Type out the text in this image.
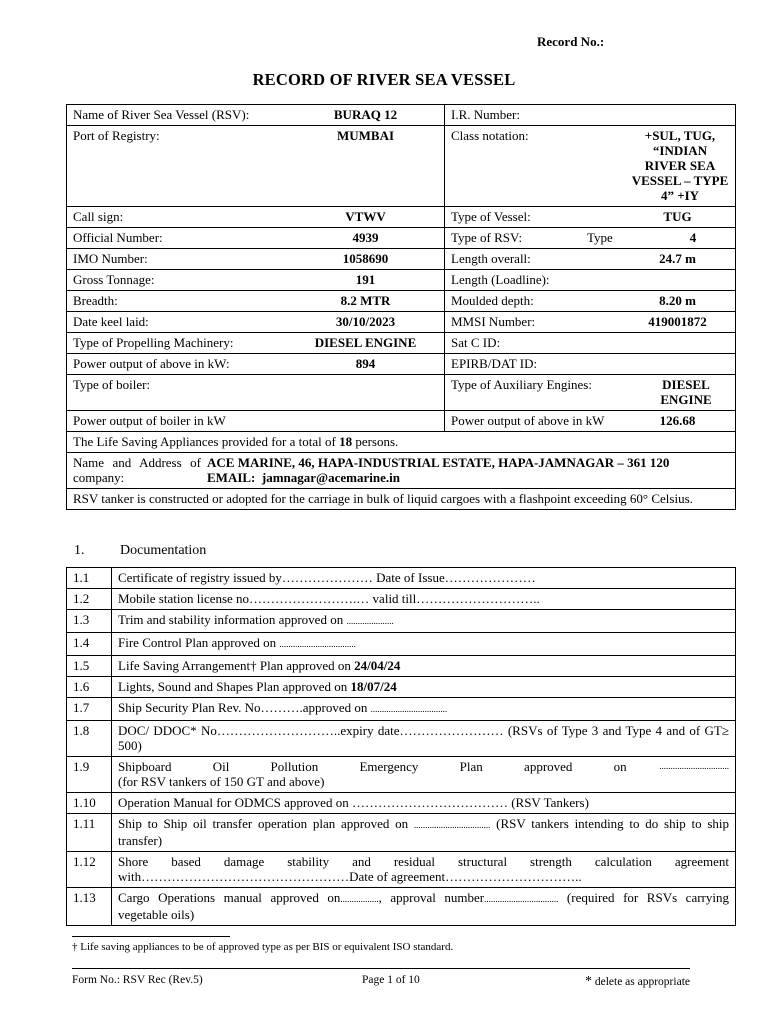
Record No.:
RECORD OF RIVER SEA VESSEL
Name of River Sea Vessel (RSV): BURAQ 12	I.R. Number:

Port of Registry: MUMBAI	Class notation: +SUL, TUG, “INDIAN RIVER SEA VESSEL – TYPE 4” +IY

Call sign: VTWV	Type of Vessel: TUG

Official Number: 4939	Type of RSV: Type 4

IMO Number: 1058690	Length overall: 24.7 m

Gross Tonnage: 191	Length (Loadline):

Breadth: 8.2 MTR	Moulded depth: 8.20 m

Date keel laid: 30/10/2023	MMSI Number: 419001872

Type of Propelling Machinery: DIESEL ENGINE	Sat C ID:

Power output of above in kW: 894	EPIRB/DAT ID:

Type of boiler:	Type of Auxiliary Engines: DIESEL ENGINE

Power output of boiler in kW	Power output of above in kW 126.68

The Life Saving Appliances provided for a total of 18 persons.	

Name and Address of company:
ACE MARINE, 46, HAPA-INDUSTRIAL ESTATE, HAPA-JAMNAGAR – 361 120
EMAIL: jamnagar@acemarine.in	

RSV tanker is constructed or adopted for the carriage in bulk of liquid cargoes with a flashpoint exceeding 60° Celsius.	
1.	Documentation
1.1	Certificate of registry issued by………………… Date of Issue…………………
1.2	Mobile station license no…………………….… valid till………………………..
1.3	Trim and stability information approved on .....................
1.4	Fire Control Plan approved on ..................................
1.5	Life Saving Arrangement† Plan approved on 24/04/24
1.6	Lights, Sound and Shapes Plan approved on 18/07/24
1.7	Ship Security Plan Rev. No……….approved on ..................................
1.8	DOC/ DDOC* No………………………..expiry date…………………… (RSVs of Type 3 and Type 4 and of GT≥ 500)
1.9	Shipboard Oil Pollution Emergency Plan approved on ...............................
(for RSV tankers of 150 GT and above)

1.10	Operation Manual for ODMCS approved on ……………………………… (RSV Tankers)
1.11	Ship to Ship oil transfer operation plan approved on .................................. (RSV tankers intending to do ship to ship transfer)
1.12	Shore based damage stability and residual structural strength calculation agreement with…………………………………………Date of agreement…………………………..
1.13	Cargo Operations manual approved on................., approval number................................. (required for RSVs carrying vegetable oils)
† Life saving appliances to be of approved type as per BIS or equivalent ISO standard.
Form No.: RSV Rec (Rev.5)	Page 1 of 10	* delete as appropriate
